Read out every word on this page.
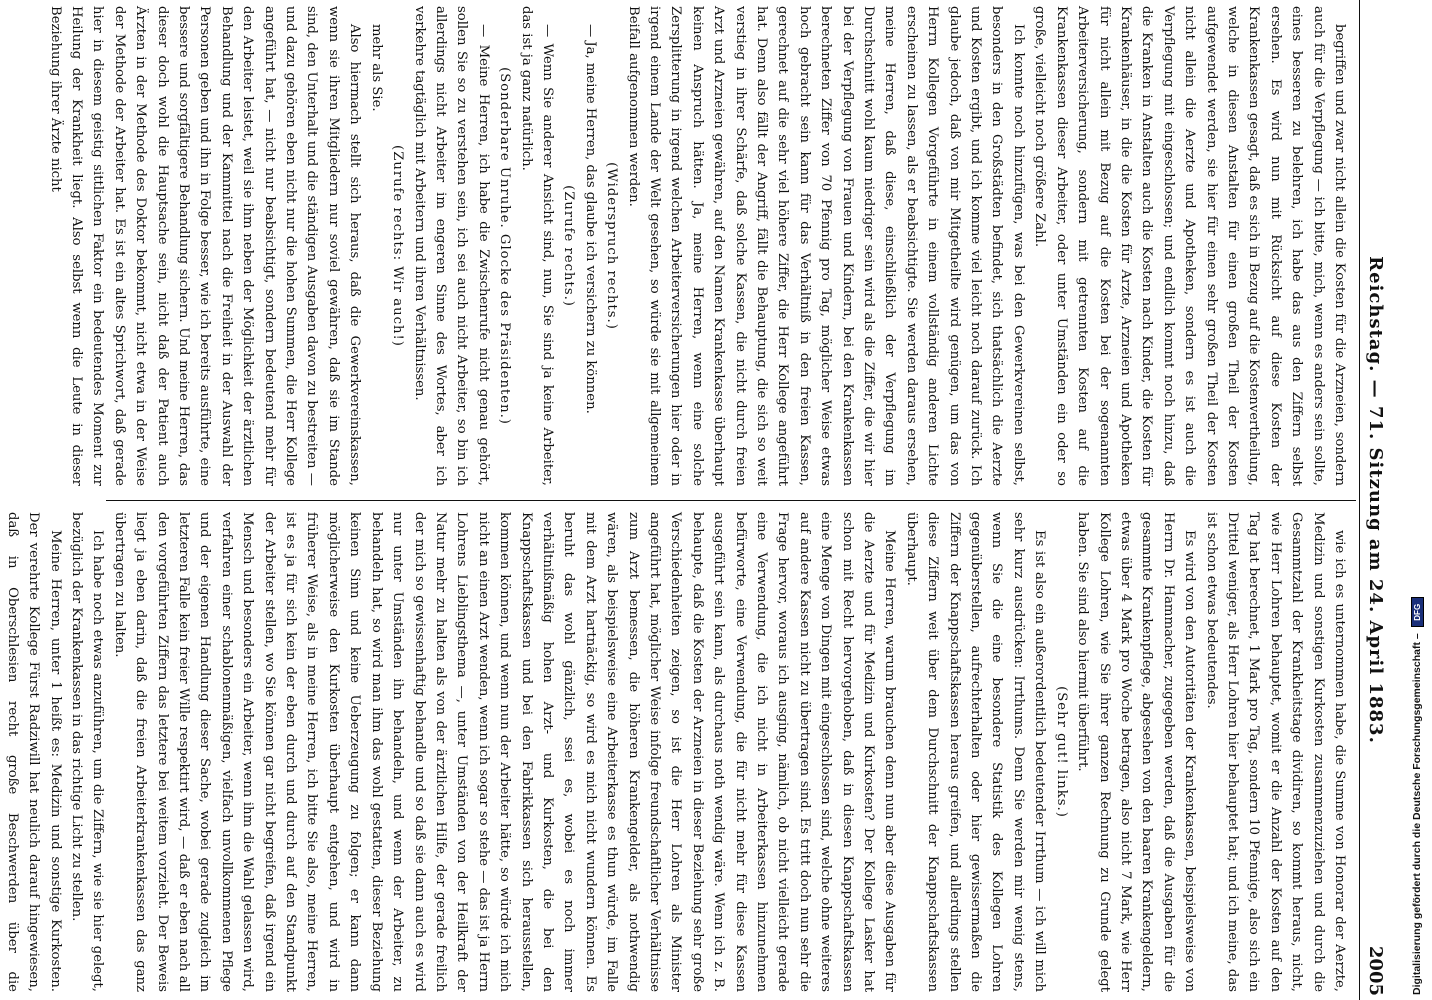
Reichstag. — 71. Sitzung am 24. April 1883.
2005

begriffen und zwar nicht allein die Kosten für die Arzneien, sondern auch für die Verpflegung — ich bitte, mich, wenn es anders sein sollte, eines besseren zu belehren, ich habe das aus den Ziffern selbst ersehen. Es wird nun mit Rücksicht auf diese Kosten der Krankenkassen gesagt, daß es sich in Bezug auf die Kostenvertheilung, welche in diesen Anstalten für einen großen Theil der Kosten aufgewendet werden, sie hier für einen sehr großen Theil der Kosten nicht allein die Aerzte und Apotheken, sondern es ist auch die Verpflegung mit eingeschlossen; und endlich kommt noch hinzu, daß die Kranken in Anstalten auch die Kosten nach Kinder, die Kosten für Krankenhäuser, in die die Kosten für Arzte, Arzneien und Apotheken für nicht allein mit Bezug auf die Kosten bei der sogenannten Arbeiterversicherung, sondern mit getrennten Kosten auf die Krankenkassen dieser Arbeiter, oder unter Umständen ein oder so große, vielleicht noch größere Zahl.

Ich konnte noch hinzufügen, was bei den Gewerkvereinen selbst, besonders in den Großstädten befindet, sich thatsächlich die Aerzte und Kosten ergibt, und ich komme viel leicht noch darauf zurück. Ich glaube jedoch, daß von mir Mitgetheilte wird genügen, um das von Herrn Kollegen Vorgeführte in einem vollständig anderen Lichte erscheinen zu lassen, als er beabsichtigte. Sie werden daraus ersehen, meine Herren, daß diese, einschließlich der Verpflegung im Durchschnitt wohl kaum niedriger sein wird als die Ziffer, die wir hier bei der Verpflegung von Frauen und Kindern, bei den Krankenkassen berechneten Ziffer von 70 Pfennig pro Tag, möglicher Weise etwas hoch gebracht sein kann für das Verhältniß in den freien Kassen, gerechnet auf die sehr viel höhere Ziffer, die Herr Kollege angeführt hat. Denn also fällt der Angriff, fällt die Behauptung, die sich so weit verstieg in ihrer Schärfe, daß solche Kassen, die nicht durch freien Arzt und Arzneien gewähren, auf den Namen Krankenkasse überhaupt keinen Anspruch hätten. Ja, meine Herren, wenn eine solche Zersplitterung in irgend welchen Arbeiterversicherungen hier oder in irgend einem Lande der Welt gesehen, so würde sie mit allgemeinem Beifall aufgenommen werden.

(Widerspruch rechts.)

— Ja, meine Herren, das glaube ich versichern zu können.

(Zurufe rechts.)

— Wenn Sie anderer Ansicht sind, nun, Sie sind ja keine Arbeiter, das ist ja ganz natürlich.

(Sonderbare Unruhe. Glocke des Präsidenten.)

— Meine Herren, ich habe die Zwischenrufe nicht genau gehört, sollen Sie so zu verstehen sein, ich sei auch nicht Arbeiter, so bin ich allerdings nicht Arbeiter im engeren Sinne des Wortes, aber ich verkehre tagtäglich mit Arbeitern und ihren Verhältnissen.

(Zurufe rechts: Wir auch!)

mehr als Sie.

Also hiermach stellt sich heraus, daß die Gewerkvereinskassen, wenn sie ihren Mitgliedern nur soviel gewähren, daß sie im Stande sind, den Unterhalt und die ständigen Ausgaben davon zu bestreiten — und dazu gehören eben nicht nur die hohen Summen, die Herr Kollege angeführt hat, — nicht nur beabsichtigt, sondern bedeutend mehr für den Arbeiter leistet, weil sie ihm neben der Möglichkeit der ärztlichen Behandlung und der Kammittel nach die Freiheit in der Auswahl der Personen geben und ihn in Folge besser, wie ich bereits ausführte, eine bessere und sorgfältigere Behandlung sichern. Und meine Herren, das dieser doch wohl die Hauptsache sein, nicht daß der Patient auch Ärzten in der Methode des Doktor bekommt, nicht etwa in der Weise der Methode der Arbeiter hat. Es ist ein altes Sprichwort, daß gerade hier in diesem geistig sittlichen Faktor ein bedeutendes Moment zur Heilung der Krankheit liegt. Also selbst wenn die Leute in dieser Beziehung ihrer Ärzte nicht

wie ich es unternommen habe, die Summe von Honorar der Aerzte, Medizin und sonstigen Kurkosten zusammenzuziehen und durch die Gesammtzahl der Krankheitstage dividiren, so kommt heraus, nicht, wie Herr Lohren behauptet, womit er die Anzahl der Kosten auf den Tag hat berechnet, 1 Mark pro Tag, sondern 10 Pfennige, also sich ein Drittel weniger, als Herr Lohren hier behauptet hat; und ich meine, das ist schon etwas bedeutendes.

Es wird von den Autoritäten der Krankenkassen, beispielsweise von Herrn Dr. Hammacher, zugegeben werden, daß die Ausgaben für die gesammte Krankenpflege, abgesehen von den baaren Krankengeldern, etwas über 4 Mark pro Woche betragen, also nicht 7 Mark, wie Herr Kollege Lohren, wie Sie ihrer ganzen Rechnung zu Grunde gelegt haben. Sie sind also hiermit überführt.

(Sehr gut! links.)

Es ist also ein außerordentlich bedeutender Irrthum — ich will mich sehr kurz ausdrücken: Irrthums. Denn Sie werden mir wenig stens, wenn Sie die eine besondere Statistik des Kollegen Lohren gegenüberstellen, aufrechterhalten oder hier gewissermaßen die Ziffern der Knappschaftskassen heraus greifen, und allerdings stellen diese Ziffern weit über dem Durchschnitt der Knappschaftskassen überhaupt.

Meine Herren, warum brauchen denn nun aber diese Ausgaben für die Aerzte und für Medizin und Kurkosten? Der Kollege Lasker hat schon mit Recht hervorgehoben, daß in diesen Knappschaftskassen eine Menge von Dingen mit eingeschlossen sind, welche ohne weiteres auf andere Kassen nicht zu übertragen sind. Es tritt doch nun sehr die Frage hervor, woraus ich ausging, nämlich, ob nicht vielleicht gerade eine Verwendung, die ich nicht in Arbeiterkassen hinzunehmen befürworte, eine Verwendung, die für nicht mehr für diese Kassen ausgeführt sein kann, als durchaus noth wendig wäre. Wenn ich z. B. behaupte, daß die Kosten der Arzneien in dieser Beziehung sehr große Verschiedenheiten zeigen, so ist die Herr Lohren als Minister angeführt hat, möglicher Weise infolge freundschaftlicher Verhältnisse zum Arzt bemessen, die höheren Krankengelder, als nothwendig wären, als beispielsweise eine Arbeiterkasse es thun würde, im Falle mit dem Arzt hartnäckig, so wird es mich nicht wundern können. Es beruht das wohl gänzlich, ssei es, wobei es noch immer verhältnißmäßig hohen Arzt- und Kurkosten, die bei den Knappschaftskassen und bei den Fabrikkassen sich herausstellen, kommen können, und wenn nun der Arbeiter hätte, so würde ich mich nicht an einen Arzt wenden, wenn ich sogar so stehe — das ist ja Herrn Lohrens Lieblingsthema —, unter Umständen von der Heilkraft der Natur mehr zu halten als von der ärztlichen Hilfe, der gerade freilich der mich so gewissenhaftig behandle und so daß sie dann auch es wird nur unter Umständen ihn behandeln, und wenn der Arbeiter, zu behandeln hat, so wird man ihm das wohl gestatten, dieser Beziehung keinen Sinn und keine Ueberzeugung zu folgen; er kann dann möglicherweise den Kurkosten überhaupt entgehen, und wird in früherer Weise, als in meine Herren, ich bitte Sie also, meine Herren, ist es ja für sich kein der eben durch und durch auf den Standpunkt der Arbeiter stellen, wo Sie können gar nicht begreifen, daß irgend ein Mensch und besonders ein Arbeiter, wenn ihm die Wahl gelassen wird, verfahren einer schablonenmäßigen, vielfach unvollkommenen Pflege und der eigenen Handlung dieser Sache, wobei gerade zugleich im letzteren Falle kein freier Wille respektirt wird, — daß er eben nach all den vorgeführten Ziffern das letztere bei weitem vorzieht. Der Beweis liegt ja eben darin, daß die freien Arbeiterkrankenkassen das ganz übertragen zu halten.

Ich habe noch etwas anzuführen, um die Ziffern, wie sie hier gelegt, bezüglich der Krankenkassen in das richtige Licht zu stellen.

Meine Herren, unter 1 heißt es: Medizin und sonstige Kurkosten. Der verehrte Kollege Fürst Radziwill hat neulich darauf hingewiesen, daß in Oberschlesien recht große Beschwerden über die	Digitalisierung gefördert durch die Deutsche Forschungsgemeinschaft –
DFG
